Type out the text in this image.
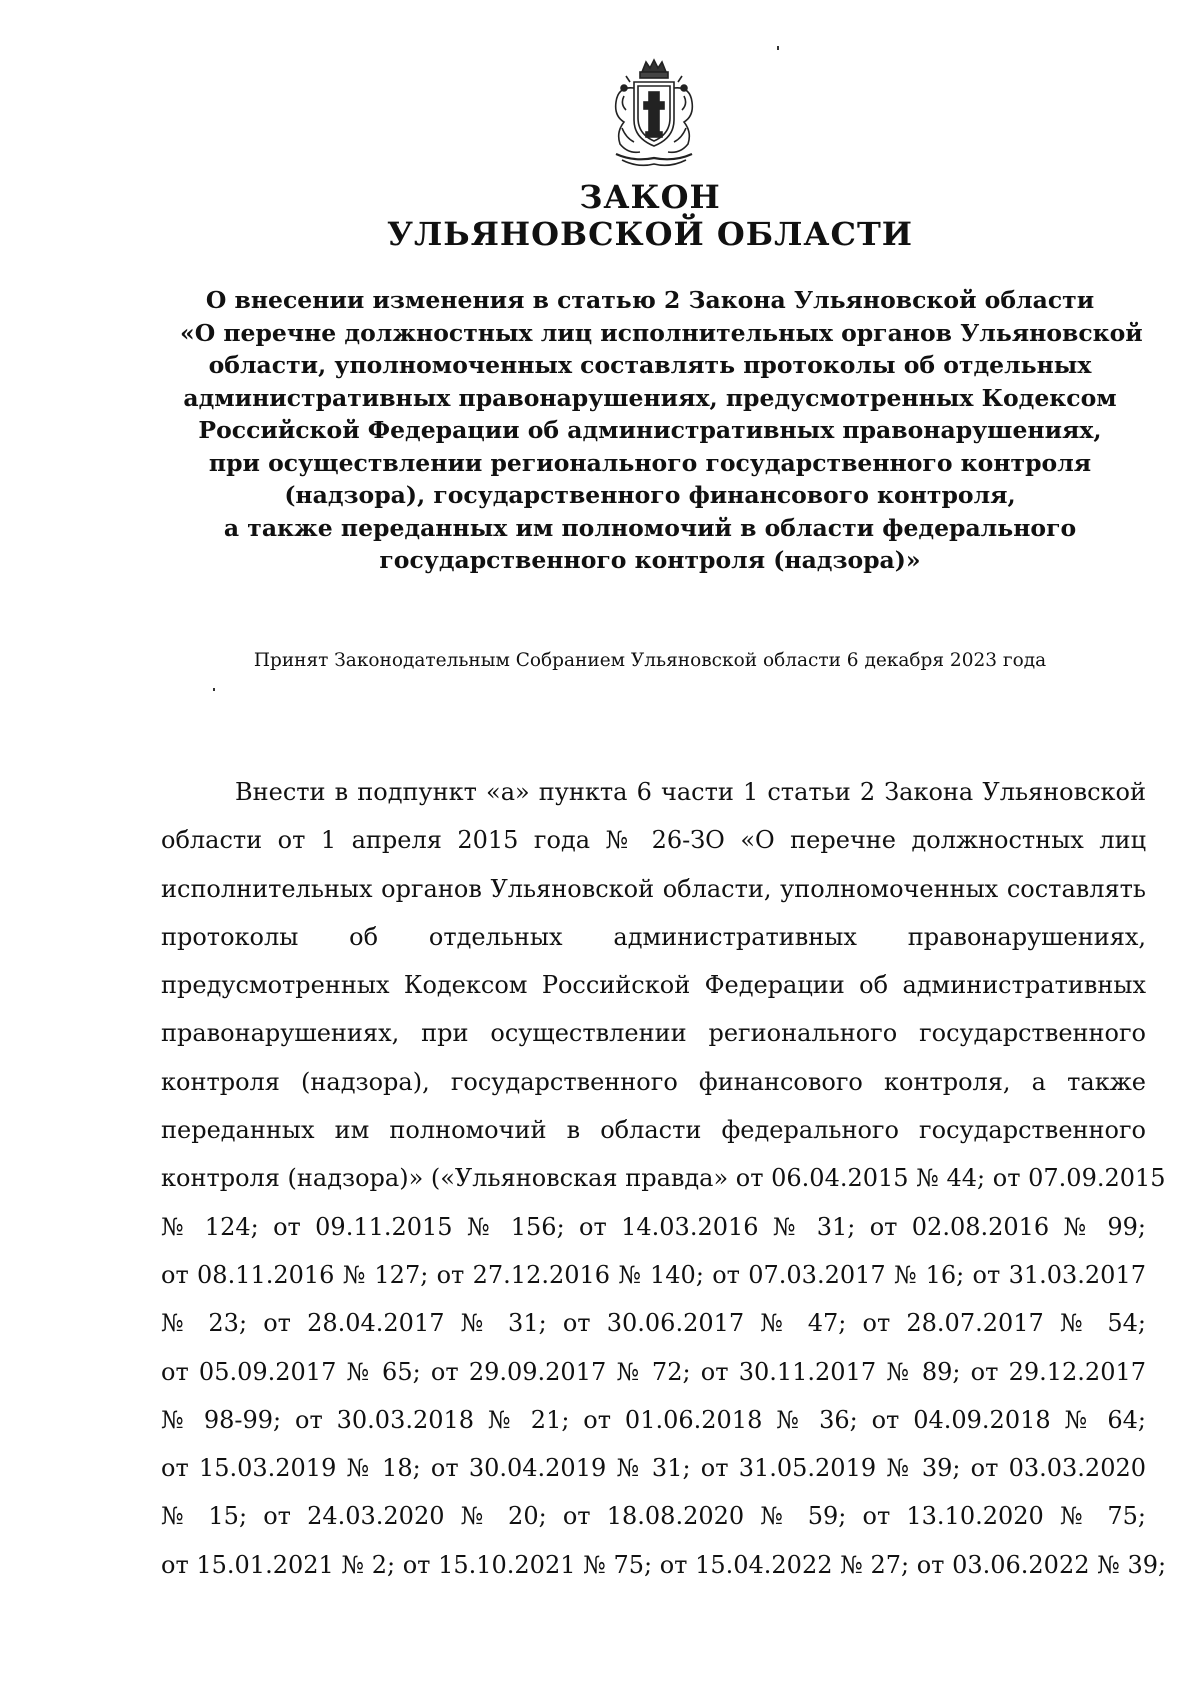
ЗАКОН
УЛЬЯНОВСКОЙ ОБЛАСТИ
О внесении изменения в статью 2 Закона Ульяновской области
«О перечне должностных лиц исполнительных органов Ульяновской
области, уполномоченных составлять протоколы об отдельных
административных правонарушениях, предусмотренных Кодексом
Российской Федерации об административных правонарушениях,
при осуществлении регионального государственного контроля
(надзора), государственного финансового контроля,
а также переданных им полномочий в области федерального
государственного контроля (надзора)»
Принят Законодательным Собранием Ульяновской области 6 декабря 2023 года
Внести в подпункт «а» пункта 6 части 1 статьи 2 Закона Ульяновской
области от 1 апреля 2015 года № 26-ЗО «О перечне должностных лиц
исполнительных органов Ульяновской области, уполномоченных составлять
протоколы об отдельных административных правонарушениях,
предусмотренных Кодексом Российской Федерации об административных
правонарушениях, при осуществлении регионального государственного
контроля (надзора), государственного финансового контроля, а также
переданных им полномочий в области федерального государственного
контроля (надзора)» («Ульяновская правда» от 06.04.2015 № 44; от 07.09.2015
№ 124; от 09.11.2015 № 156; от 14.03.2016 № 31; от 02.08.2016 № 99;
от 08.11.2016 № 127; от 27.12.2016 № 140; от 07.03.2017 № 16; от 31.03.2017
№ 23; от 28.04.2017 № 31; от 30.06.2017 № 47; от 28.07.2017 № 54;
от 05.09.2017 № 65; от 29.09.2017 № 72; от 30.11.2017 № 89; от 29.12.2017
№ 98-99; от 30.03.2018 № 21; от 01.06.2018 № 36; от 04.09.2018 № 64;
от 15.03.2019 № 18; от 30.04.2019 № 31; от 31.05.2019 № 39; от 03.03.2020
№ 15; от 24.03.2020 № 20; от 18.08.2020 № 59; от 13.10.2020 № 75;
от 15.01.2021 № 2; от 15.10.2021 № 75; от 15.04.2022 № 27; от 03.06.2022 № 39;
